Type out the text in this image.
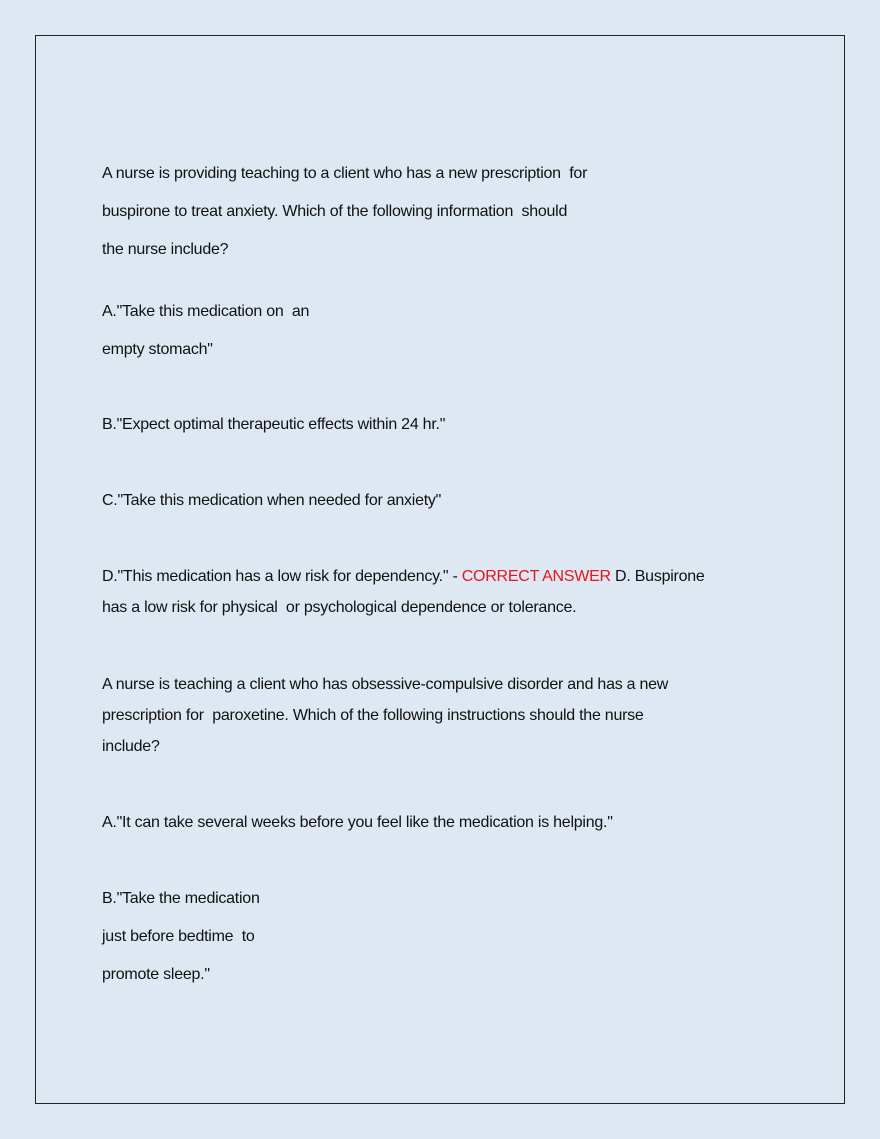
A nurse is providing teaching to a client who has a new prescription  for
buspirone to treat anxiety. Which of the following information  should
the nurse include?
A."Take this medication on  an
empty stomach"
B."Expect optimal therapeutic effects within 24 hr."
C."Take this medication when needed for anxiety"
D."This medication has a low risk for dependency." - CORRECT ANSWER D. Buspirone
has a low risk for physical  or psychological dependence or tolerance.
A nurse is teaching a client who has obsessive-compulsive disorder and has a new
prescription for  paroxetine. Which of the following instructions should the nurse
include?
A."It can take several weeks before you feel like the medication is helping."
B."Take the medication
just before bedtime  to
promote sleep."
